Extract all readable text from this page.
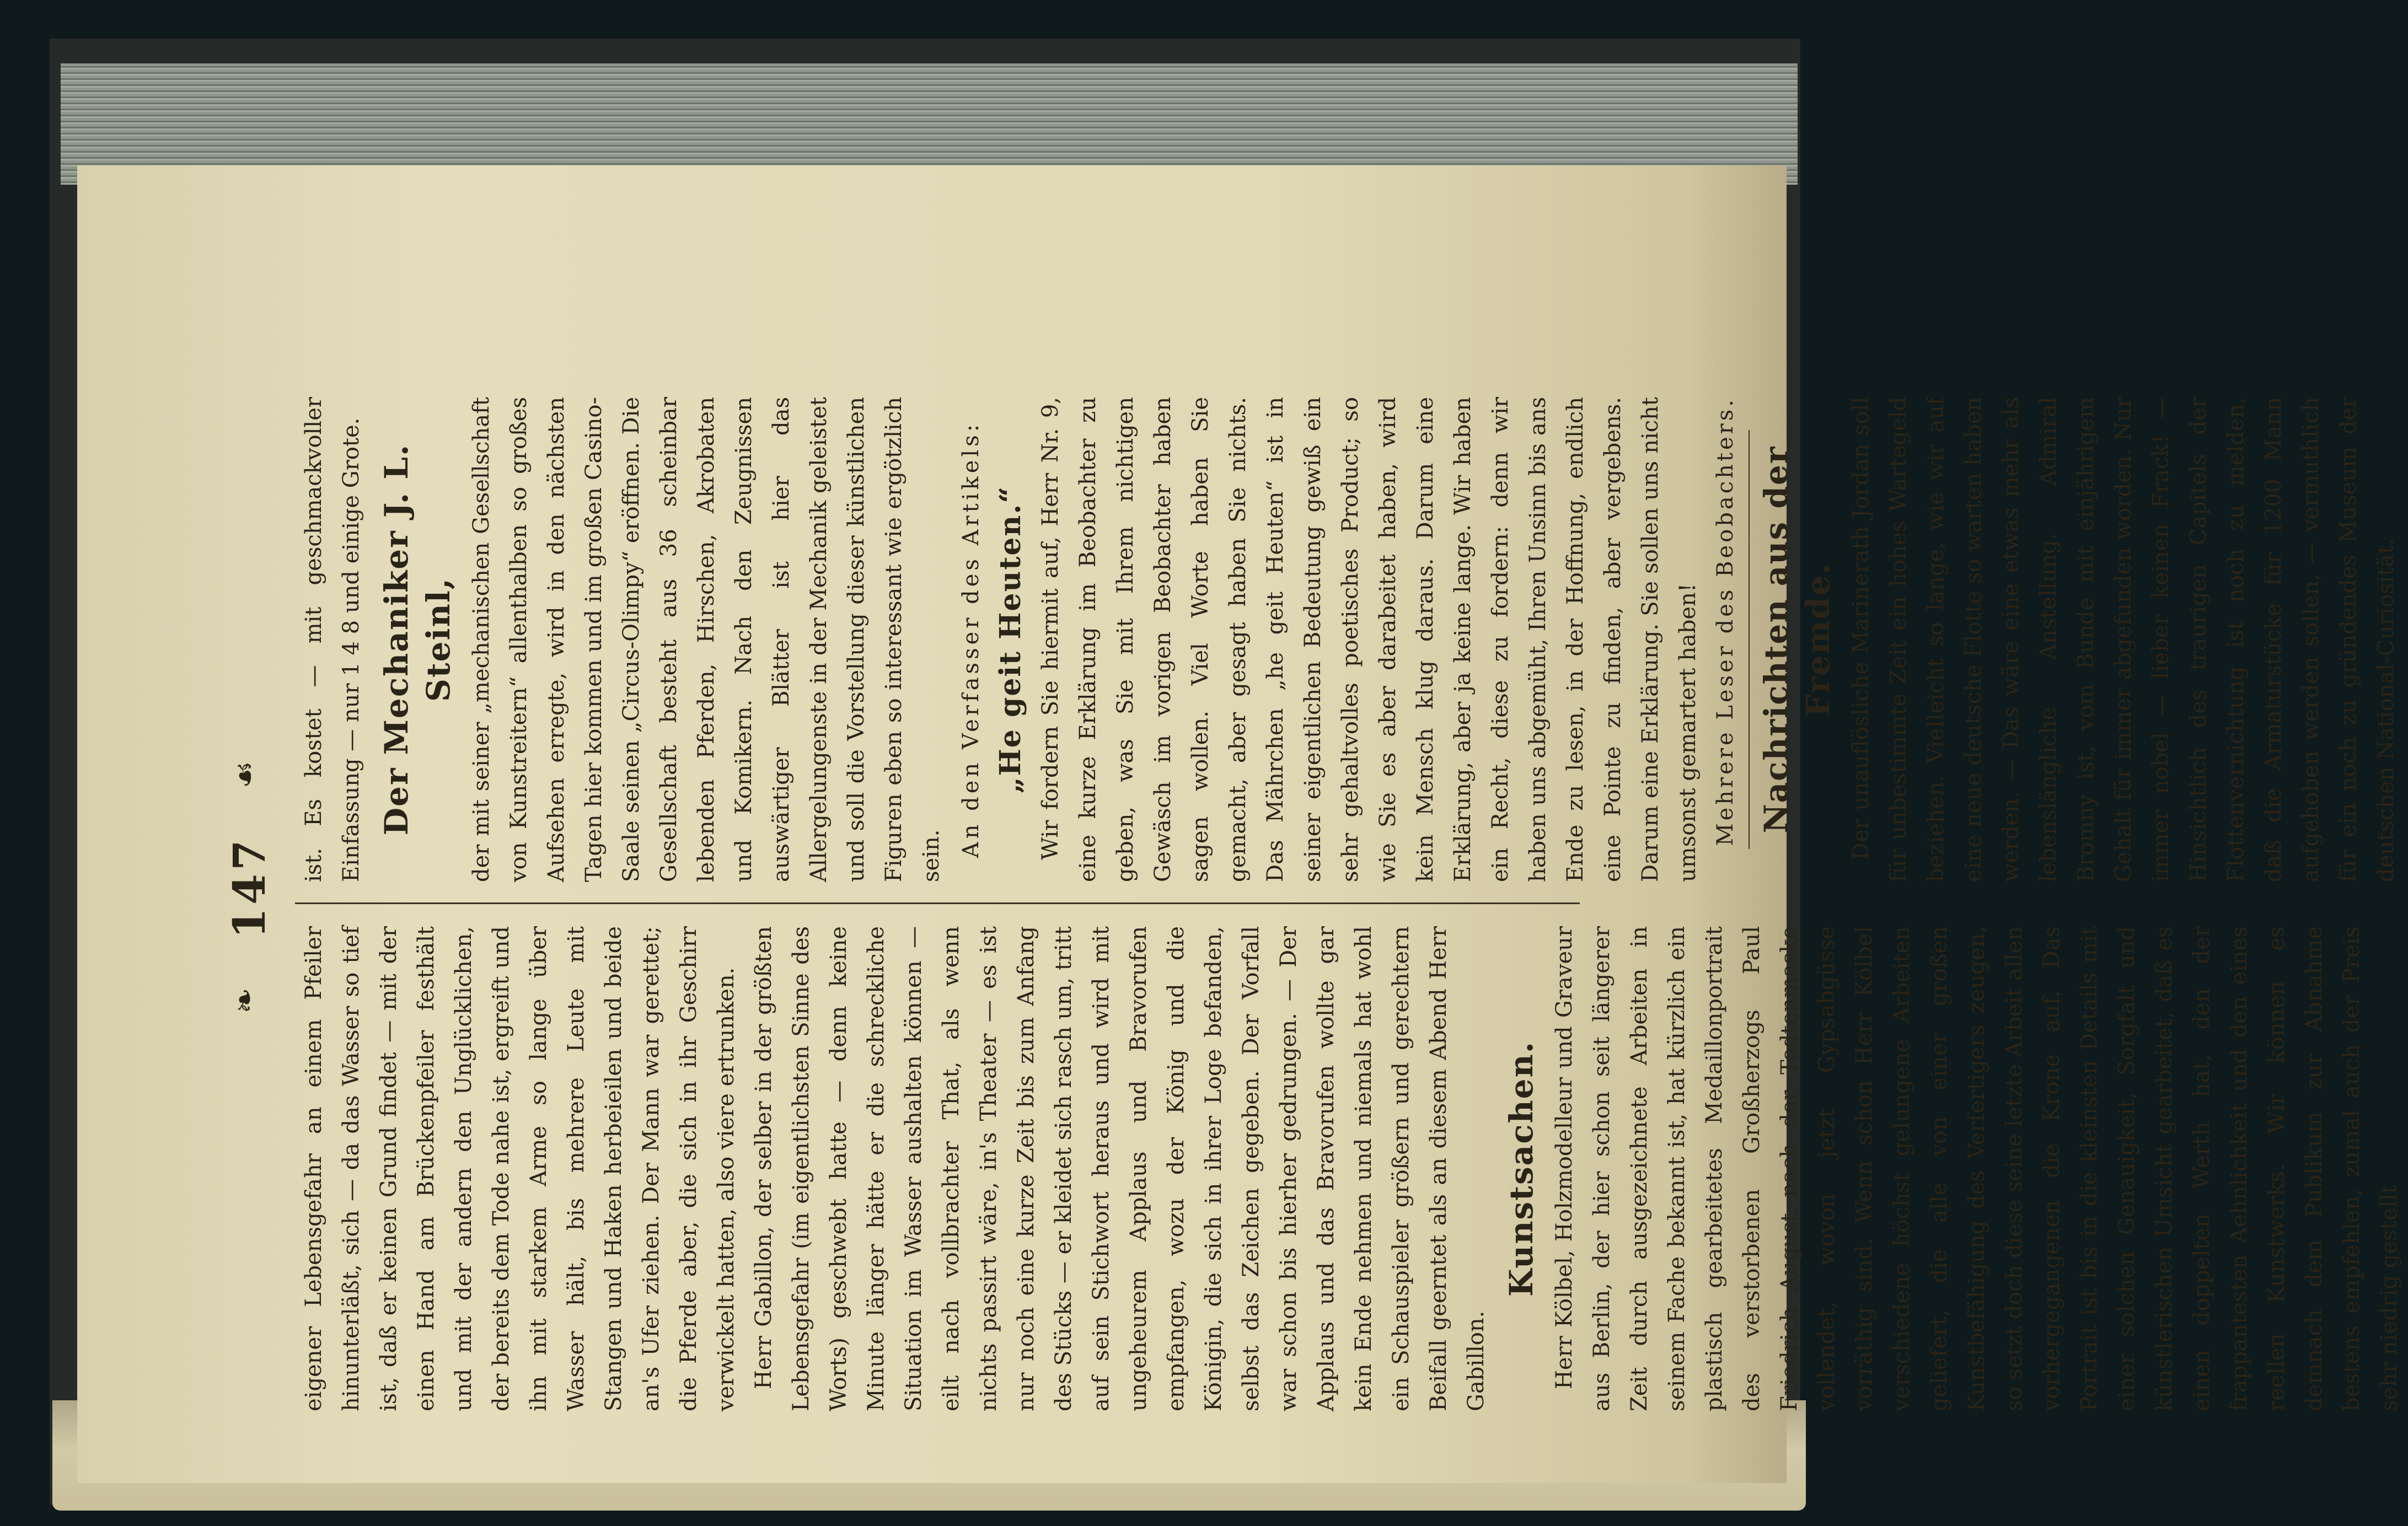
❧
147
☙

eigener Lebensgefahr an einem Pfeiler hinunterläßt, sich — da das Wasser so tief ist, daß er keinen Grund findet — mit der einen Hand am Brückenpfeiler festhält und mit der andern den Unglücklichen, der bereits dem Tode nahe ist, ergreift und ihn mit starkem Arme so lange über Wasser hält, bis mehrere Leute mit Stangen und Haken herbeieilen und beide an's Ufer ziehen. Der Mann war gerettet; die Pferde aber, die sich in ihr Geschirr verwickelt hatten, also viere ertrunken. Herr Gabillon, der selber in der größten Lebensgefahr (im eigentlichsten Sinne des Worts) geschwebt hatte — denn keine Minute länger hätte er die schreckliche Situation im Wasser aushalten können — eilt nach vollbrachter That, als wenn nichts passirt wäre, in's Theater — es ist nur noch eine kurze Zeit bis zum Anfang des Stücks — er kleidet sich rasch um, tritt auf sein Stichwort heraus und wird mit ungeheurem Applaus und Bravorufen empfangen, wozu der König und die Königin, die sich in ihrer Loge befanden, selbst das Zeichen gegeben. Der Vorfall war schon bis hierher gedrungen. — Der Applaus und das Bravorufen wollte gar kein Ende nehmen und niemals hat wohl ein Schauspieler größern und gerechtern Beifall geerntet als an diesem Abend Herr Gabillon.

Kunstsachen. Herr Kölbel, Holzmodelleur und Graveur aus Berlin, der hier schon seit längerer Zeit durch ausgezeichnete Arbeiten in seinem Fache bekannt ist, hat kürzlich ein plastisch gearbeitetes Medaillonportrait des verstorbenen Großherzogs Paul Friedrich August nach der Todtenmaske vollendet, wovon jetzt Gypsabgüsse vorräthig sind. Wenn schon Herr Kölbel verschiedene höchst gelungene Arbeiten geliefert, die alle von einer großen Kunstbefähigung des Verfertigers zeugen, so setzt doch diese seine letzte Arbeit allen vorhergegangenen die Krone auf. Das Portrait ist bis in die kleinsten Details mit einer solchen Genauigkeit, Sorgfalt und künstlerischen Umsicht gearbeitet, daß es einen doppelten Werth hat, den der frappantesten Aehnlichkeit und den eines reellen Kunstwerks. Wir können es demnach dem Publikum zur Abnahme bestens empfehlen, zumal auch der Preis sehr niedrig gestellt

ist. Es kostet — mit geschmackvoller Einfassung — nur 1 4 8 und einige Grote. Der Mechaniker J. L. Steinl, der mit seiner „mechanischen Gesellschaft von Kunstreitern“ allenthalben so großes Aufsehen erregte, wird in den nächsten Tagen hier kommen und im großen Casino-Saale seinen „Circus-Olimpy“ eröffnen. Die Gesellschaft besteht aus 36 scheinbar lebenden Pferden, Hirschen, Akrobaten und Komikern. Nach den Zeugnissen auswärtiger Blätter ist hier das Allergelungenste in der Mechanik geleistet und soll die Vorstellung dieser künstlichen Figuren eben so interessant wie ergötzlich sein. An den Verfasser des Artikels: „He geit Heuten.“ Wir fordern Sie hiermit auf, Herr Nr. 9, eine kurze Erklärung im Beobachter zu geben, was Sie mit Ihrem nichtigen Gewäsch im vorigen Beobachter haben sagen wollen. Viel Worte haben Sie gemacht, aber gesagt haben Sie nichts. Das Mährchen „he geit Heuten“ ist in seiner eigentlichen Bedeutung gewiß ein sehr gehaltvolles poetisches Product; so wie Sie es aber darabeitet haben, wird kein Mensch klug daraus. Darum eine Erklärung, aber ja keine lange. Wir haben ein Recht, diese zu fordern: denn wir haben uns abgemüht, Ihren Unsinn bis ans Ende zu lesen, in der Hoffnung, endlich eine Pointe zu finden, aber vergebens. Darum eine Erklärung. Sie sollen uns nicht umsonst gemartert haben! Mehrere Leser des Beobachters. Nachrichten aus der Fremde. Der unauflösliche Marinerath Jordan soll für unbestimmte Zeit ein hohes Wartegeld beziehen. Vielleicht so lange, wie wir auf eine neue deutsche Flotte so warten haben werden. — Das wäre eine etwas mehr als lebenslängliche Anstellung. Admiral Bromny ist, vom Bunde mit einjährigem Gehalt für immer abgefunden worden. Nur immer nobel — lieber keinen Frack! — Hinsichtlich des traurigen Capitels der Flottenvernichtung ist noch zu melden, daß die Armaturstücke für 1200 Mann aufgehoben werden sollen, — vermuthlich für ein noch zu gründendes Museum der deutschen National-Curiosität.
